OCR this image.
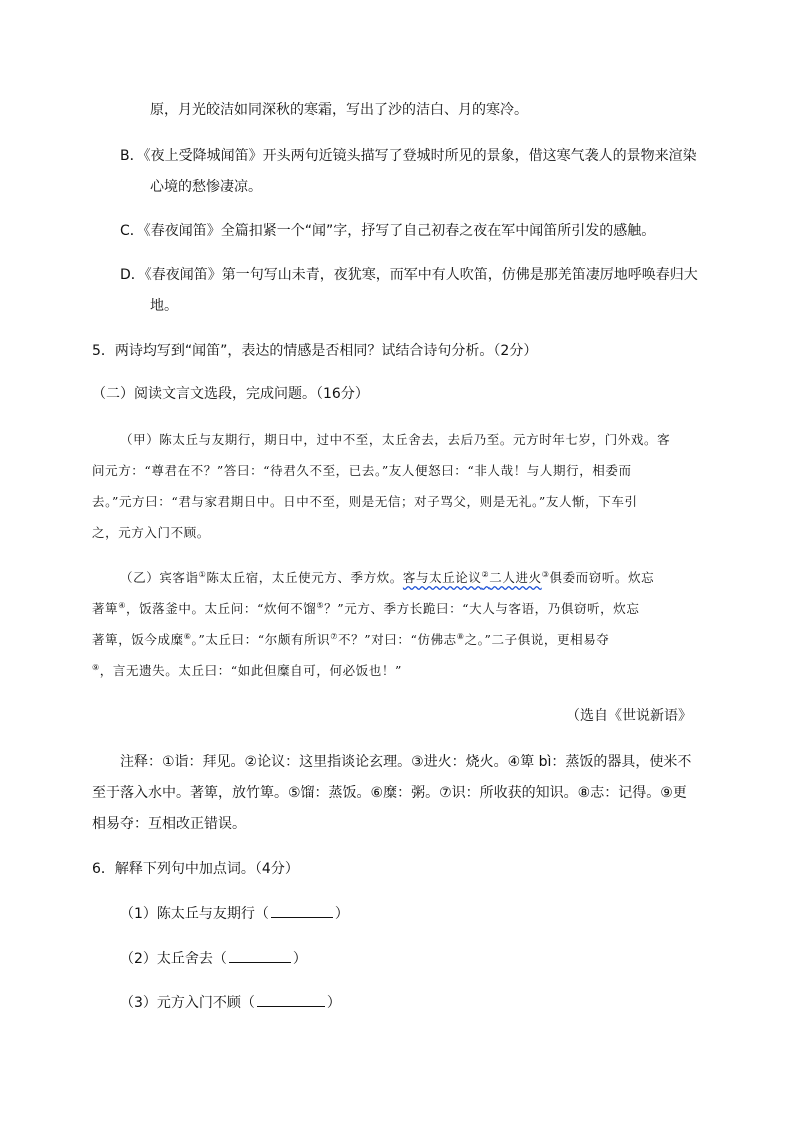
原，月光皎洁如同深秋的寒霜，写出了沙的洁白、月的寒冷。
B．《夜上受降城闻笛》开头两句近镜头描写了登城时所见的景象，借这寒气袭人的景物来渲染
心境的愁惨凄凉。
C．《春夜闻笛》全篇扣紧一个“闻”字，抒写了自己初春之夜在军中闻笛所引发的感触。
D．《春夜闻笛》第一句写山未青，夜犹寒，而军中有人吹笛，仿佛是那羌笛凄厉地呼唤春归大
地。
5．两诗均写到“闻笛”，表达的情感是否相同？试结合诗句分析。（2分）
（二）阅读文言文选段，完成问题。（16分）
（甲）陈太丘与友期行，期日中，过中不至，太丘舍去，去后乃至。元方时年七岁，门外戏。客
问元方：“尊君在不？”答曰：“待君久不至，已去。”友人便怒曰：“非人哉！与人期行，相委而
去。”元方曰：“君与家君期日中。日中不至，则是无信；对子骂父，则是无礼。”友人惭，下车引
之，元方入门不顾。
（乙）宾客诣①陈太丘宿，太丘使元方、季方炊。客与太丘论议②二人进火③俱委而窃听。炊忘
著箄④，饭落釜中。太丘问：“炊何不馏⑤？”元方、季方长跪曰：“大人与客语，乃俱窃听，炊忘
著箄，饭今成糜⑥。”太丘曰：“尔颇有所识⑦不？”对曰：“仿佛志⑧之。”二子俱说，更相易夺
⑨，言无遗失。太丘曰：“如此但糜自可，何必饭也！”
（选自《世说新语》
注释：①诣：拜见。②论议：这里指谈论玄理。③进火：烧火。④箄 bì：蒸饭的器具，使米不
至于落入水中。著箄，放竹箄。⑤馏：蒸饭。⑥糜：粥。⑦识：所收获的知识。⑧志：记得。⑨更
相易夺：互相改正错误。
6．解释下列句中加点词。（4分）
（1）陈太丘与友期行（	）
（2）太丘舍去（	）
（3）元方入门不顾（	）
